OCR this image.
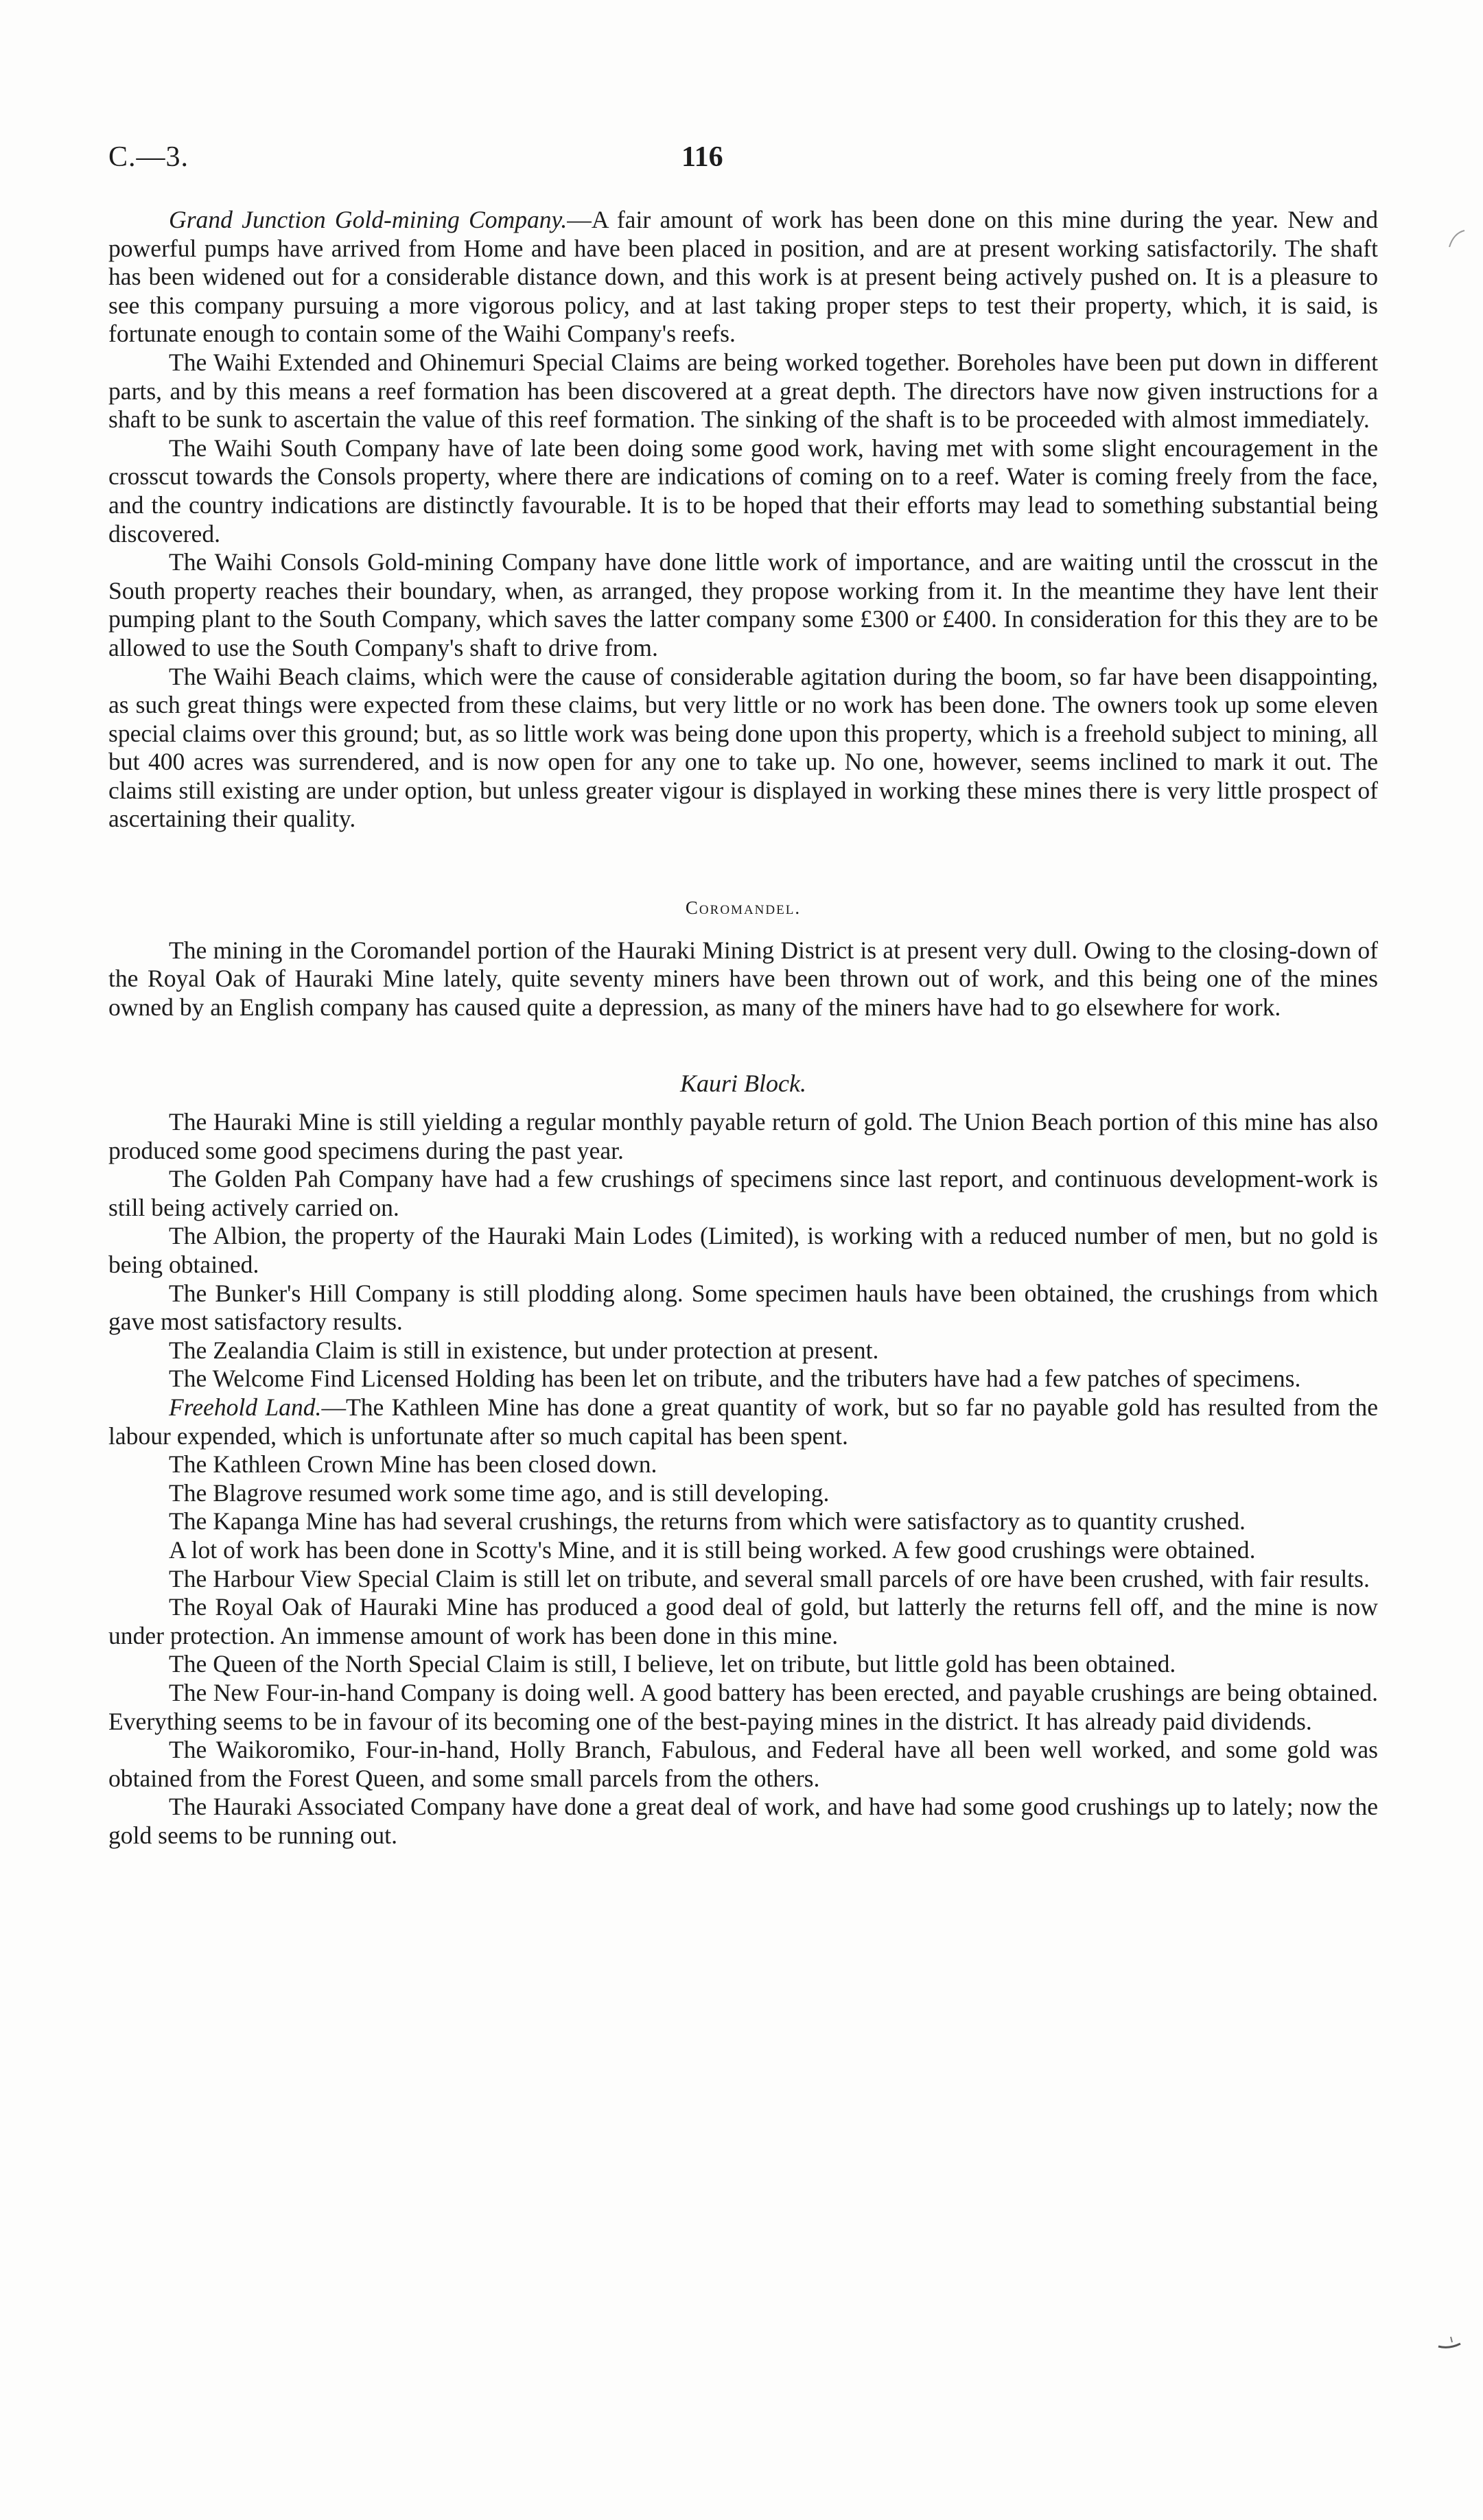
C.—3.	116

Grand Junction Gold-mining Company.—A fair amount of work has been done on this mine during the year. New and powerful pumps have arrived from Home and have been placed in position, and are at present working satisfactorily. The shaft has been widened out for a considerable distance down, and this work is at present being actively pushed on. It is a pleasure to see this company pursuing a more vigorous policy, and at last taking proper steps to test their property, which, it is said, is fortunate enough to contain some of the Waihi Company's reefs.

The Waihi Extended and Ohinemuri Special Claims are being worked together. Boreholes have been put down in different parts, and by this means a reef formation has been discovered at a great depth. The directors have now given instructions for a shaft to be sunk to ascertain the value of this reef formation. The sinking of the shaft is to be proceeded with almost immediately.

The Waihi South Company have of late been doing some good work, having met with some slight encouragement in the crosscut towards the Consols property, where there are indications of coming on to a reef. Water is coming freely from the face, and the country indications are distinctly favourable. It is to be hoped that their efforts may lead to something substantial being discovered.

The Waihi Consols Gold-mining Company have done little work of importance, and are waiting until the crosscut in the South property reaches their boundary, when, as arranged, they propose working from it. In the meantime they have lent their pumping plant to the South Company, which saves the latter company some £300 or £400. In consideration for this they are to be allowed to use the South Company's shaft to drive from.

The Waihi Beach claims, which were the cause of considerable agitation during the boom, so far have been disappointing, as such great things were expected from these claims, but very little or no work has been done. The owners took up some eleven special claims over this ground; but, as so little work was being done upon this property, which is a freehold subject to mining, all but 400 acres was surrendered, and is now open for any one to take up. No one, however, seems inclined to mark it out. The claims still existing are under option, but unless greater vigour is displayed in working these mines there is very little prospect of ascertaining their quality.

Coromandel.

The mining in the Coromandel portion of the Hauraki Mining District is at present very dull. Owing to the closing-down of the Royal Oak of Hauraki Mine lately, quite seventy miners have been thrown out of work, and this being one of the mines owned by an English company has caused quite a depression, as many of the miners have had to go elsewhere for work.

Kauri Block.

The Hauraki Mine is still yielding a regular monthly payable return of gold. The Union Beach portion of this mine has also produced some good specimens during the past year.

The Golden Pah Company have had a few crushings of specimens since last report, and continuous development-work is still being actively carried on.

The Albion, the property of the Hauraki Main Lodes (Limited), is working with a reduced number of men, but no gold is being obtained.

The Bunker's Hill Company is still plodding along. Some specimen hauls have been obtained, the crushings from which gave most satisfactory results.

The Zealandia Claim is still in existence, but under protection at present.

The Welcome Find Licensed Holding has been let on tribute, and the tributers have had a few patches of specimens.

Freehold Land.—The Kathleen Mine has done a great quantity of work, but so far no payable gold has resulted from the labour expended, which is unfortunate after so much capital has been spent.

The Kathleen Crown Mine has been closed down.

The Blagrove resumed work some time ago, and is still developing.

The Kapanga Mine has had several crushings, the returns from which were satisfactory as to quantity crushed.

A lot of work has been done in Scotty's Mine, and it is still being worked. A few good crushings were obtained.

The Harbour View Special Claim is still let on tribute, and several small parcels of ore have been crushed, with fair results.

The Royal Oak of Hauraki Mine has produced a good deal of gold, but latterly the returns fell off, and the mine is now under protection. An immense amount of work has been done in this mine.

The Queen of the North Special Claim is still, I believe, let on tribute, but little gold has been obtained.

The New Four-in-hand Company is doing well. A good battery has been erected, and payable crushings are being obtained. Everything seems to be in favour of its becoming one of the best-paying mines in the district. It has already paid dividends.

The Waikoromiko, Four-in-hand, Holly Branch, Fabulous, and Federal have all been well worked, and some gold was obtained from the Forest Queen, and some small parcels from the others.

The Hauraki Associated Company have done a great deal of work, and have had some good crushings up to lately; now the gold seems to be running out.
